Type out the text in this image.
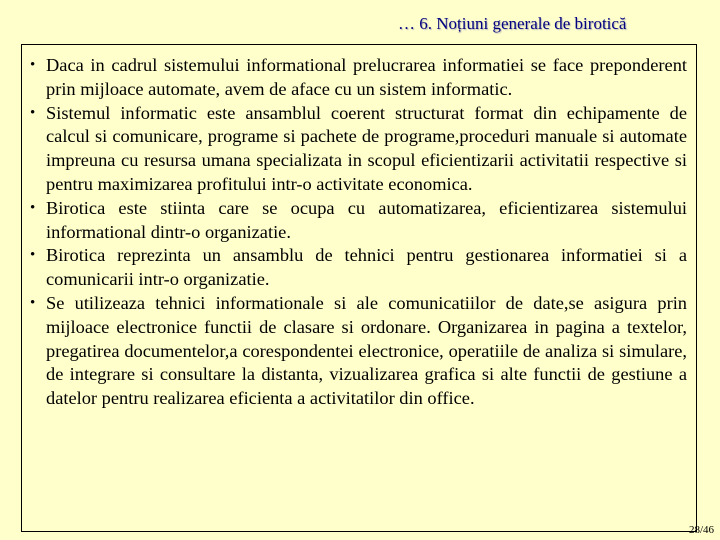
… 6. Noțiuni generale de birotică
• Daca in cadrul sistemului informational prelucrarea informatiei se face preponderent prin mijloace automate, avem de aface cu un sistem informatic.
• Sistemul informatic este ansamblul coerent structurat format din echipamente de calcul si comunicare, programe si pachete de programe,proceduri manuale si automate impreuna cu resursa umana specializata in scopul eficientizarii activitatii respective si pentru maximizarea profitului intr-o activitate economica.
• Birotica este stiinta care se ocupa cu automatizarea, eficientizarea sistemului informational dintr-o organizatie.
• Birotica reprezinta un ansamblu de tehnici pentru gestionarea informatiei si a comunicarii intr-o organizatie.
• Se utilizeaza tehnici informationale si ale comunicatiilor de date,se asigura prin mijloace electronice functii de clasare si ordonare. Organizarea in pagina a textelor, pregatirea documentelor,a corespondentei electronice, operatiile de analiza si simulare, de integrare si consultare la distanta, vizualizarea grafica si alte functii de gestiune a datelor pentru realizarea eficienta a activitatilor din office.
28/46
